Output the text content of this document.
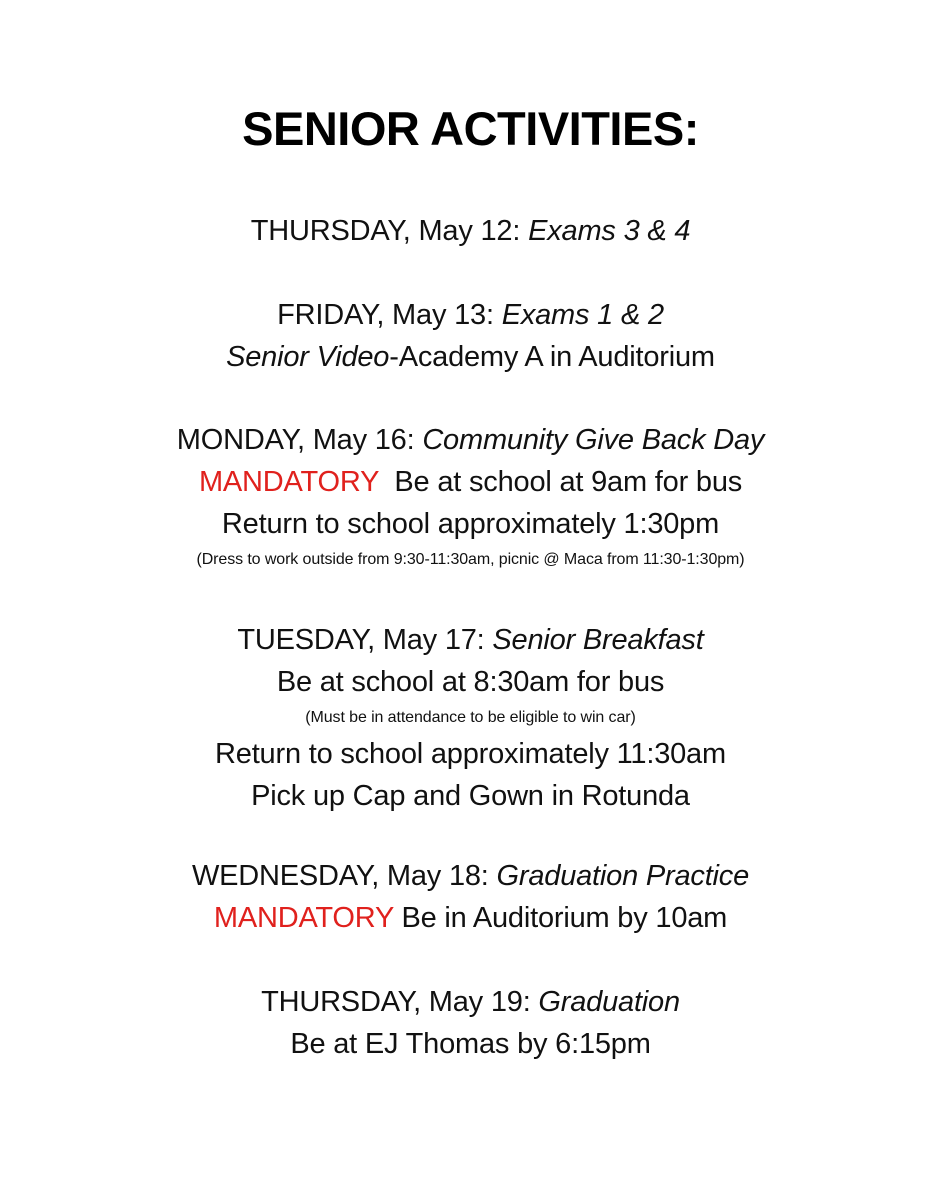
SENIOR ACTIVITIES:
THURSDAY, May 12: Exams 3 & 4
FRIDAY, May 13: Exams 1 & 2
Senior Video-Academy A in Auditorium
MONDAY, May 16: Community Give Back Day
MANDATORY  Be at school at 9am for bus
Return to school approximately 1:30pm
(Dress to work outside from 9:30-11:30am, picnic @ Maca from 11:30-1:30pm)
TUESDAY, May 17: Senior Breakfast
Be at school at 8:30am for bus
(Must be in attendance to be eligible to win car)
Return to school approximately 11:30am
Pick up Cap and Gown in Rotunda
WEDNESDAY, May 18: Graduation Practice
MANDATORY Be in Auditorium by 10am
THURSDAY, May 19: Graduation
Be at EJ Thomas by 6:15pm
